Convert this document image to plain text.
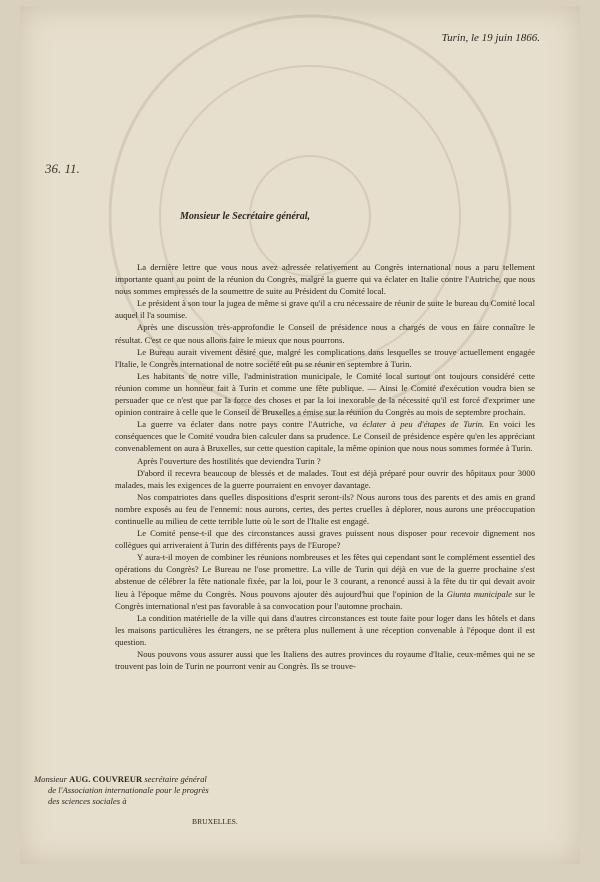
Turin, le 19 juin 1866.
36. 11.
Monsieur le Secrétaire général,

La dernière lettre que vous nous avez adressée relativement au Congrès international nous a paru tellement importante quant au point de la réunion du Congrès, malgré la guerre qui va éclater en Italie contre l'Autriche, que nous nous sommes empressés de la soumettre de suite au Président du Comité local.

Le président à son tour la jugea de même si grave qu'il a cru nécessaire de réunir de suite le bureau du Comité local auquel il l'a soumise.

Après une discussion très-approfondie le Conseil de présidence nous a chargés de vous en faire connaître le résultat. C'est ce que nous allons faire le mieux que nous pourrons.

Le Bureau aurait vivement désiré que, malgré les complications dans lesquelles se trouve actuellement engagée l'Italie, le Congrès international de notre société eût pu se réunir en septembre à Turin.

Les habitants de notre ville, l'administration municipale, le Comité local surtout ont toujours considéré cette réunion comme un honneur fait à Turin et comme une fête publique. — Ainsi le Comité d'exécution voudra bien se persuader que ce n'est que par la force des choses et par la loi inexorable de la nécessité qu'il est forcé d'exprimer une opinion contraire à celle que le Conseil de Bruxelles a émise sur la réunion du Congrès au mois de septembre prochain.

La guerre va éclater dans notre pays contre l'Autriche, va éclater à peu d'étapes de Turin. En voici les conséquences que le Comité voudra bien calculer dans sa prudence. Le Conseil de présidence espère qu'en les appréciant convenablement on aura à Bruxelles, sur cette question capitale, la même opinion que nous nous sommes formée à Turin.

Après l'ouverture des hostilités que deviendra Turin ?

D'abord il recevra beaucoup de blessés et de malades. Tout est déjà préparé pour ouvrir des hôpitaux pour 3000 malades, mais les exigences de la guerre pourraient en envoyer davantage.

Nos compatriotes dans quelles dispositions d'esprit seront-ils? Nous aurons tous des parents et des amis en grand nombre exposés au feu de l'ennemi: nous aurons, certes, des pertes cruelles à déplorer, nous aurons une préoccupation continuelle au milieu de cette terrible lutte où le sort de l'Italie est engagé.

Le Comité pense-t-il que des circonstances aussi graves puissent nous disposer pour recevoir dignement nos collègues qui arriveraient à Turin des différents pays de l'Europe?

Y aura-t-il moyen de combiner les réunions nombreuses et les fêtes qui cependant sont le complément essentiel des opérations du Congrès? Le Bureau ne l'ose promettre. La ville de Turin qui déjà en vue de la guerre prochaine s'est abstenue de célébrer la fête nationale fixée, par la loi, pour le 3 courant, a renoncé aussi à la fête du tir qui devait avoir lieu à l'époque même du Congrès. Nous pouvons ajouter dès aujourd'hui que l'opinion de la Giunta municipale sur le Congrès international n'est pas favorable à sa convocation pour l'automne prochain.

La condition matérielle de la ville qui dans d'autres circonstances est toute faite pour loger dans les hôtels et dans les maisons particulières les étrangers, ne se prêtera plus nullement à une réception convenable à l'époque dont il est question.

Nous pouvons vous assurer aussi que les Italiens des autres provinces du royaume d'Italie, ceux-mêmes qui ne se trouvent pas loin de Turin ne pourront venir au Congrès. Ils se trouve-

Monsieur AUG. COUVREUR secrétaire général
de l'Association internationale pour le progrès
des sciences sociales à
BRUXELLES.
